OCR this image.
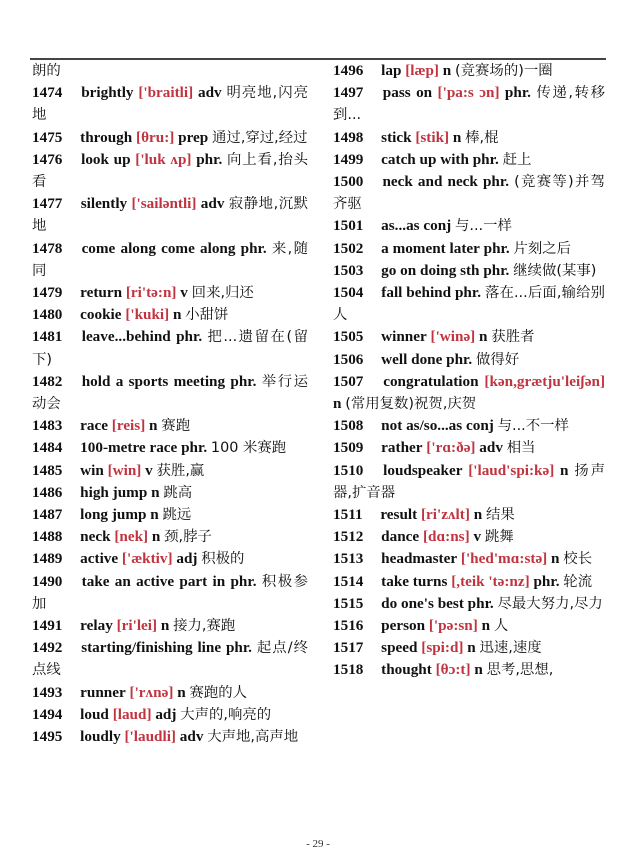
朗的
1474 brightly ['braitli] adv 明亮地,闪亮地
1475 through [θru:] prep 通过,穿过,经过
1476 look up ['luk ʌp] phr. 向上看,抬头看
1477 silently ['sailəntli] adv 寂静地,沉默地
1478 come along come along phr. 来,随同
1479 return [ri'tə:n] v 回来,归还
1480 cookie ['kuki] n 小甜饼
1481 leave...behind phr. 把...遗留在(留下)
1482 hold a sports meeting phr. 举行运动会
1483 race [reis] n 赛跑
1484 100-metre race phr. 100 米赛跑
1485 win [win] v 获胜,赢
1486 high jump n 跳高
1487 long jump n 跳远
1488 neck [nek] n 颈,脖子
1489 active ['æktiv] adj 积极的
1490 take an active part in phr. 积极参加
1491 relay [ri'lei] n 接力,赛跑
1492 starting/finishing line phr. 起点/终点线
1493 runner ['rʌnə] n 赛跑的人
1494 loud [laud] adj 大声的,响亮的
1495 loudly ['laudli] adv 大声地,高声地
1496 lap [læp] n (竞赛场的)一圈
1497 pass on ['pa:s ɔn] phr. 传递,转移到...
1498 stick [stik] n 棒,棍
1499 catch up with phr. 赶上
1500 neck and neck phr. (竞赛等)并驾齐驱
1501 as...as conj 与...一样
1502 a moment later phr. 片刻之后
1503 go on doing sth phr. 继续做(某事)
1504 fall behind phr. 落在...后面,输给别人
1505 winner ['winə] n 获胜者
1506 well done phr. 做得好
1507 congratulation [kən,grætju'leiʃən] n (常用复数)祝贺,庆贺
1508 not as/so...as conj 与...不一样
1509 rather ['rɑ:ðə] adv 相当
1510 loudspeaker ['laud'spi:kə] n 扬声器,扩音器
1511 result [ri'zʌlt] n 结果
1512 dance [dɑ:ns] v 跳舞
1513 headmaster ['hed'mɑ:stə] n 校长
1514 take turns [,teik 'tə:nz] phr. 轮流
1515 do one's best phr. 尽最大努力,尽力
1516 person ['pə:sn] n 人
1517 speed [spi:d] n 迅速,速度
1518 thought [θɔ:t] n 思考,思想,
- 29 -
